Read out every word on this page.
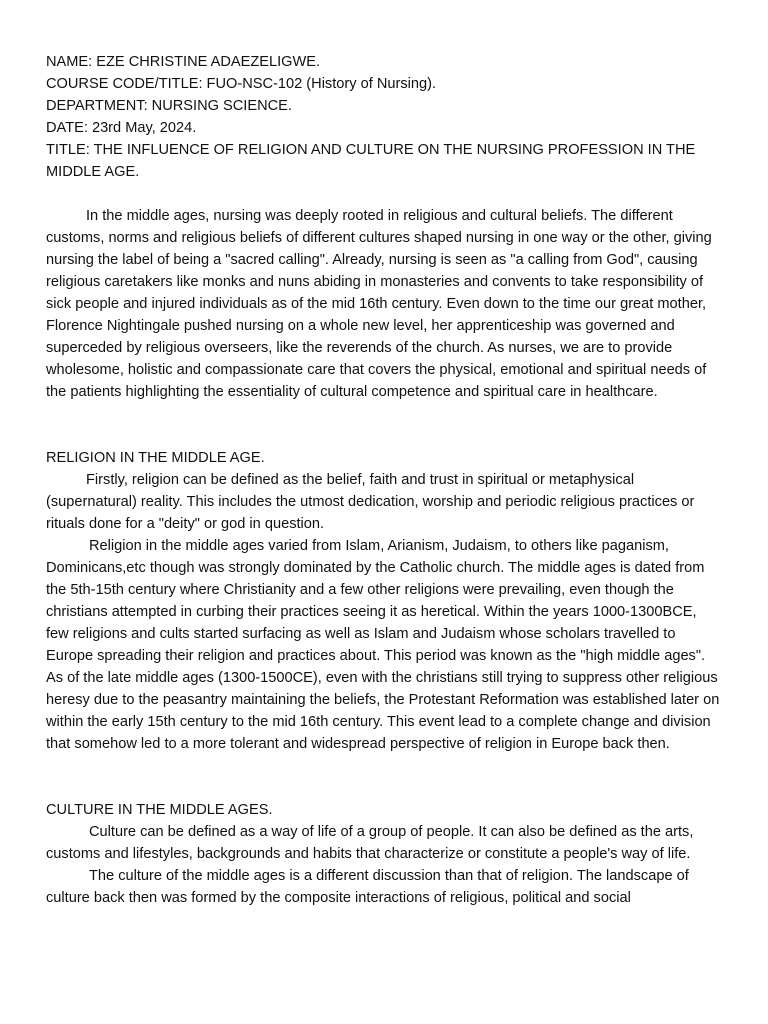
NAME: EZE CHRISTINE ADAEZELIGWE.

COURSE CODE/TITLE: FUO-NSC-102 (History of Nursing).

DEPARTMENT: NURSING SCIENCE.

DATE: 23rd May, 2024.

TITLE: THE INFLUENCE OF RELIGION AND CULTURE ON THE NURSING PROFESSION IN THE MIDDLE AGE.

In the middle ages, nursing was deeply rooted in religious and cultural beliefs. The different customs, norms and religious beliefs of different cultures shaped nursing in one way or the other, giving nursing the label of being a "sacred calling". Already, nursing is seen as "a calling from God", causing religious caretakers like monks and nuns abiding in monasteries and convents to take responsibility of sick people and injured individuals as of the mid 16th century. Even down to the time our great mother, Florence Nightingale pushed nursing on a whole new level, her apprenticeship was governed and superceded by religious overseers, like the reverends of the church. As nurses, we are to provide wholesome, holistic and compassionate care that covers the physical, emotional and spiritual needs of the patients highlighting the essentiality of cultural competence and spiritual care in healthcare.

RELIGION IN THE MIDDLE AGE.

Firstly, religion can be defined as the belief, faith and trust in spiritual or metaphysical (supernatural) reality. This includes the utmost dedication, worship and periodic religious practices or rituals done for a "deity" or god in question.

Religion in the middle ages varied from Islam, Arianism, Judaism, to others like paganism, Dominicans,etc though was strongly dominated by the Catholic church. The middle ages is dated from the 5th-15th century where Christianity and a few other religions were prevailing, even though the christians attempted in curbing their practices seeing it as heretical. Within the years 1000-1300BCE, few religions and cults started surfacing as well as Islam and Judaism whose scholars travelled to Europe spreading their religion and practices about. This period was known as the "high middle ages". As of the late middle ages (1300-1500CE), even with the christians still trying to suppress other religious heresy due to the peasantry maintaining the beliefs, the Protestant Reformation was established later on within the early 15th century to the mid 16th century. This event lead to a complete change and division that somehow led to a more tolerant and widespread perspective of religion in Europe back then.

CULTURE IN THE MIDDLE AGES.

Culture can be defined as a way of life of a group of people. It can also be defined as the arts, customs and lifestyles, backgrounds and habits that characterize or constitute a people's way of life.

The culture of the middle ages is a different discussion than that of religion. The landscape of culture back then was formed by the composite interactions of religious, political and social
